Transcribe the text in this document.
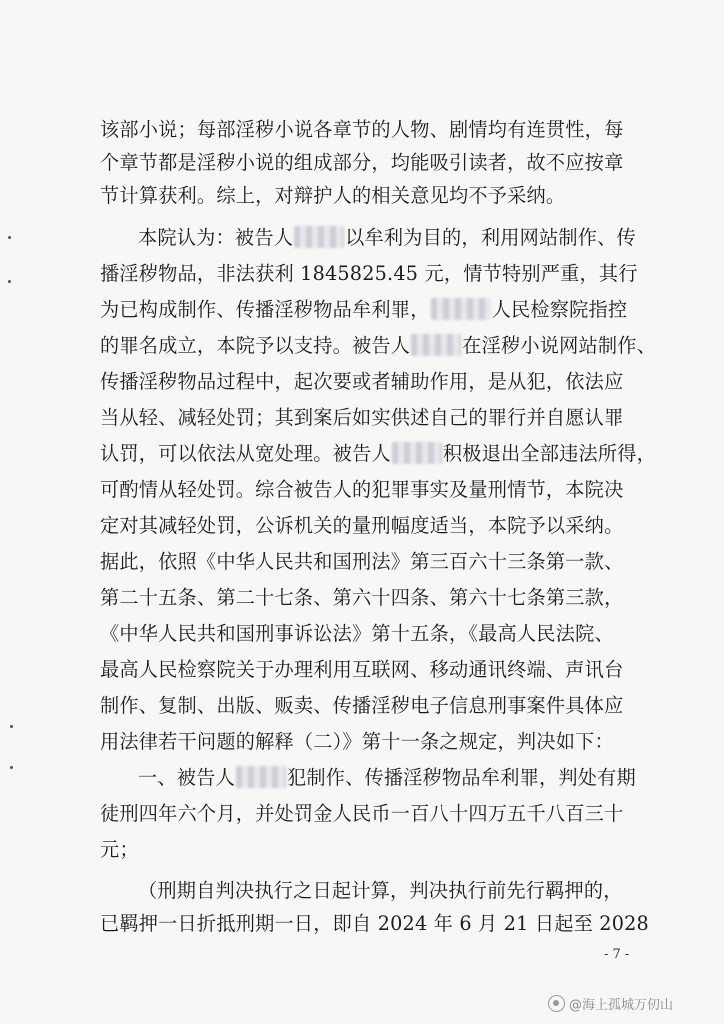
该部小说；每部淫秽小说各章节的人物、剧情均有连贯性，每
个章节都是淫秽小说的组成部分，均能吸引读者，故不应按章
节计算获利。综上，对辩护人的相关意见均不予采纳。
本院认为：被告人	以牟利为目的，利用网站制作、传
播淫秽物品，非法获利 1845825.45 元，情节特别严重，其行
为已构成制作、传播淫秽物品牟利罪，	人民检察院指控
的罪名成立，本院予以支持。被告人	在淫秽小说网站制作、
传播淫秽物品过程中，起次要或者辅助作用，是从犯，依法应
当从轻、减轻处罚；其到案后如实供述自己的罪行并自愿认罪
认罚，可以依法从宽处理。被告人	积极退出全部违法所得，
可酌情从轻处罚。综合被告人的犯罪事实及量刑情节，本院决
定对其减轻处罚，公诉机关的量刑幅度适当，本院予以采纳。
据此，依照《中华人民共和国刑法》第三百六十三条第一款、
第二十五条、第二十七条、第六十四条、第六十七条第三款，
《中华人民共和国刑事诉讼法》第十五条，《最高人民法院、
最高人民检察院关于办理利用互联网、移动通讯终端、声讯台
制作、复制、出版、贩卖、传播淫秽电子信息刑事案件具体应
用法律若干问题的解释（二）》第十一条之规定，判决如下：
一、被告人	犯制作、传播淫秽物品牟利罪，判处有期
徒刑四年六个月，并处罚金人民币一百八十四万五千八百三十
元；
（刑期自判决执行之日起计算，判决执行前先行羁押的，
已羁押一日折抵刑期一日，即自 2024 年 6 月 21 日起至 2028
- 7 -
@海上孤城万仞山
